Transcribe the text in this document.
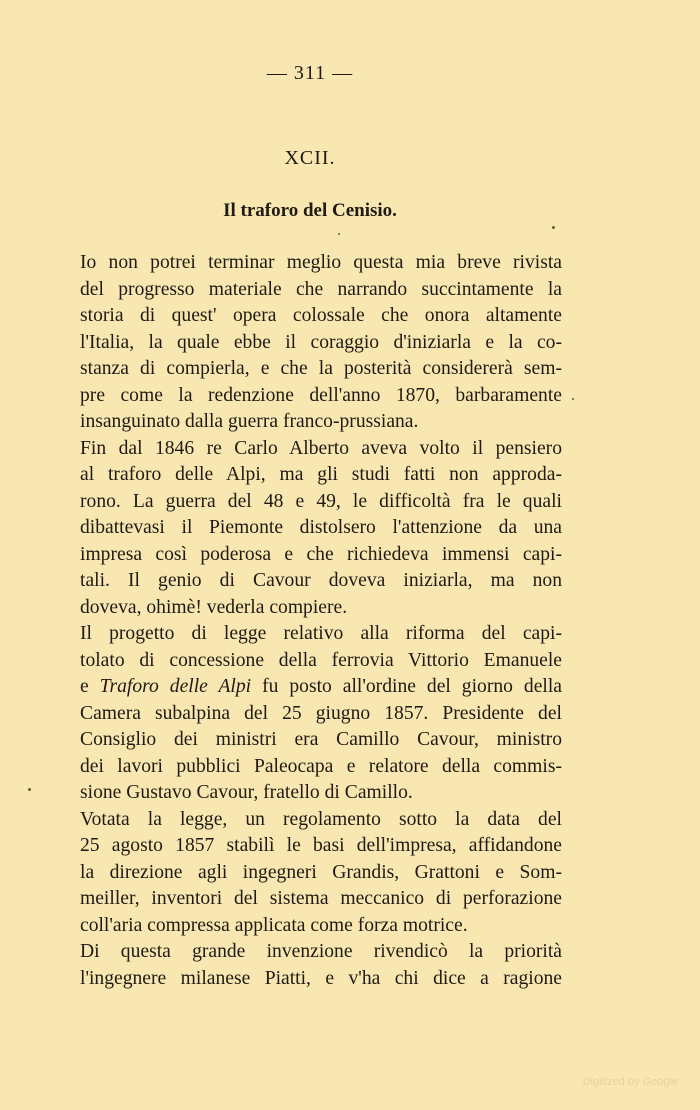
— 311 —
XCII.
Il traforo del Cenisio.
Io non potrei terminar meglio questa mia breve rivista
del progresso materiale che narrando succintamente la
storia di quest' opera colossale che onora altamente
l'Italia, la quale ebbe il coraggio d'iniziarla e la co-
stanza di compierla, e che la posterità considererà sem-
pre come la redenzione dell'anno 1870, barbaramente
insanguinato dalla guerra franco-prussiana.
Fin dal 1846 re Carlo Alberto aveva volto il pensiero
al traforo delle Alpi, ma gli studi fatti non approda-
rono. La guerra del 48 e 49, le difficoltà fra le quali
dibattevasi il Piemonte distolsero l'attenzione da una
impresa così poderosa e che richiedeva immensi capi-
tali. Il genio di Cavour doveva iniziarla, ma non
doveva, ohimè! vederla compiere.
Il progetto di legge relativo alla riforma del capi-
tolato di concessione della ferrovia Vittorio Emanuele
e Traforo delle Alpi fu posto all'ordine del giorno della
Camera subalpina del 25 giugno 1857. Presidente del
Consiglio dei ministri era Camillo Cavour, ministro
dei lavori pubblici Paleocapa e relatore della commis-
sione Gustavo Cavour, fratello di Camillo.
Votata la legge, un regolamento sotto la data del
25 agosto 1857 stabilì le basi dell'impresa, affidandone
la direzione agli ingegneri Grandis, Grattoni e Som-
meiller, inventori del sistema meccanico di perforazione
coll'aria compressa applicata come forza motrice.
Di questa grande invenzione rivendicò la priorità
l'ingegnere milanese Piatti, e v'ha chi dice a ragione
Digitized by Google
